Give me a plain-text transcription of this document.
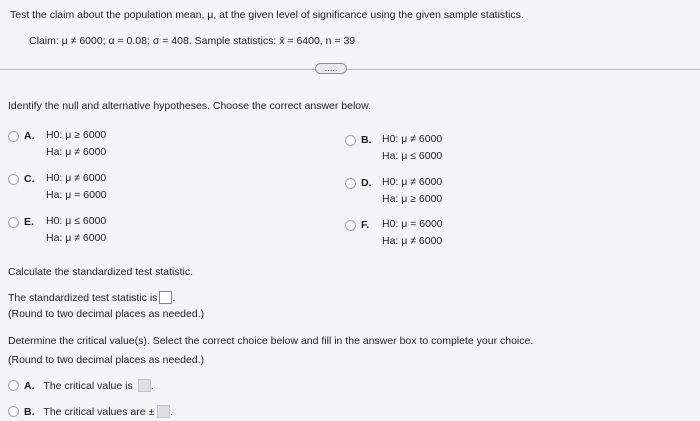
Test the claim about the population mean, μ, at the given level of significance using the given sample statistics.
Claim: μ ≠ 6000; α = 0.08; σ = 408. Sample statistics: x̄ = 6400, n = 39
.....
Identify the null and alternative hypotheses. Choose the correct answer below.
A. H0: μ ≥ 6000
Ha: μ ≠ 6000
B. H0: μ ≠ 6000
Ha: μ ≤ 6000
C. H0: μ ≠ 6000
Ha: μ = 6000
D. H0: μ ≠ 6000
Ha: μ ≥ 6000
E. H0: μ ≤ 6000
Ha: μ ≠ 6000
F. H0: μ = 6000
Ha: μ ≠ 6000
Calculate the standardized test statistic.
The standardized test statistic is .
(Round to two decimal places as needed.)
Determine the critical value(s). Select the correct choice below and fill in the answer box to complete your choice.
(Round to two decimal places as needed.)
A. The critical value is .
B. The critical values are ± .
